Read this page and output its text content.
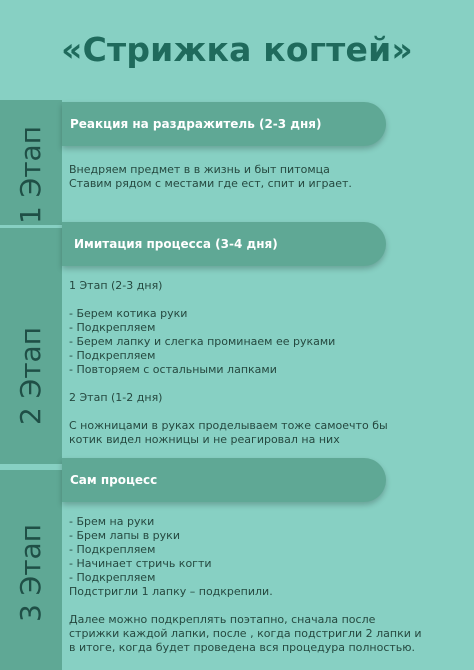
«Стрижка когтей»
1 Этап
2 Этап
3 Этап
Реакция на раздражитель (2-3 дня)
Внедряем предмет в в жизнь и быт питомца
Ставим рядом с местами где ест, спит и играет.
Имитация процесса (3-4 дня)
1 Этап (2-3 дня)
- Берем котика руки
- Подкрепляем
- Берем лапку и слегка проминаем ее руками
- Подкрепляем
- Повторяем с остальными лапками
2 Этап (1-2 дня)
С ножницами в руках проделываем тоже самоечто бы
котик видел ножницы и не реагировал на них
Сам процесс
- Брем на руки
- Брем лапы в руки
- Подкрепляем
- Начинает стричь когти
- Подкрепляем
Подстригли 1 лапку – подкрепили.
Далее можно подкреплять поэтапно, сначала после
стрижки каждой лапки, после , когда подстригли 2 лапки и
в итоге, когда будет проведена вся процедура полностью.
